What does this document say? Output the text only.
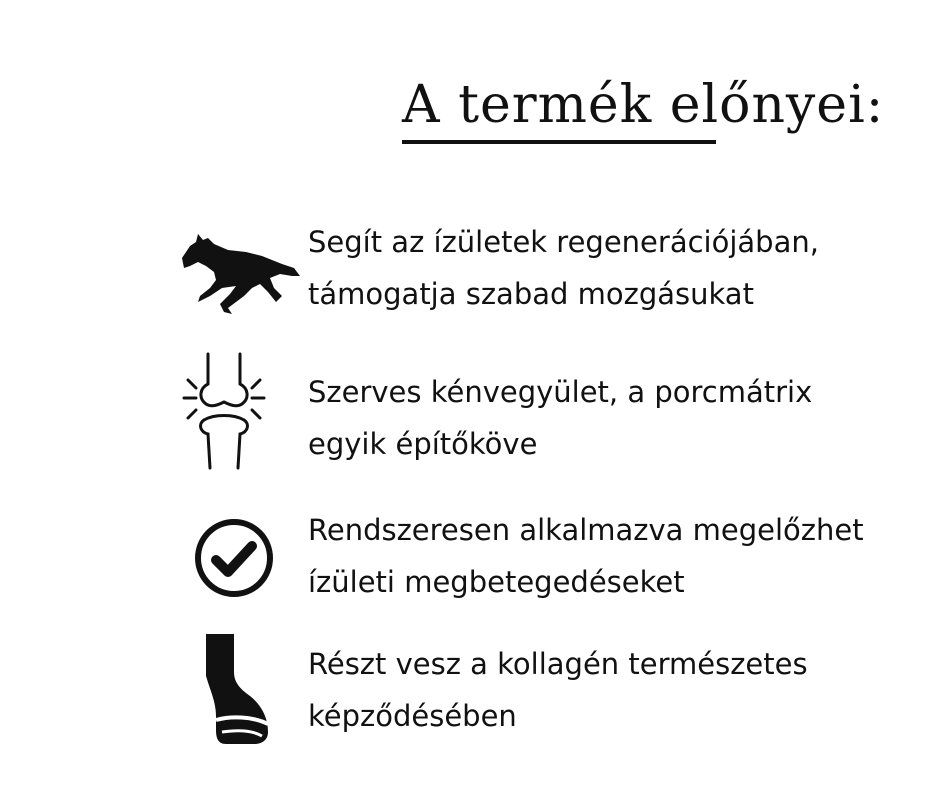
A termék előnyei:
Segít az ízületek regenerációjában,
támogatja szabad mozgásukat
Szerves kénvegyület, a porcmátrix
egyik építőköve
Rendszeresen alkalmazva megelőzhet
ízületi megbetegedéseket
Részt vesz a kollagén természetes
képződésében
